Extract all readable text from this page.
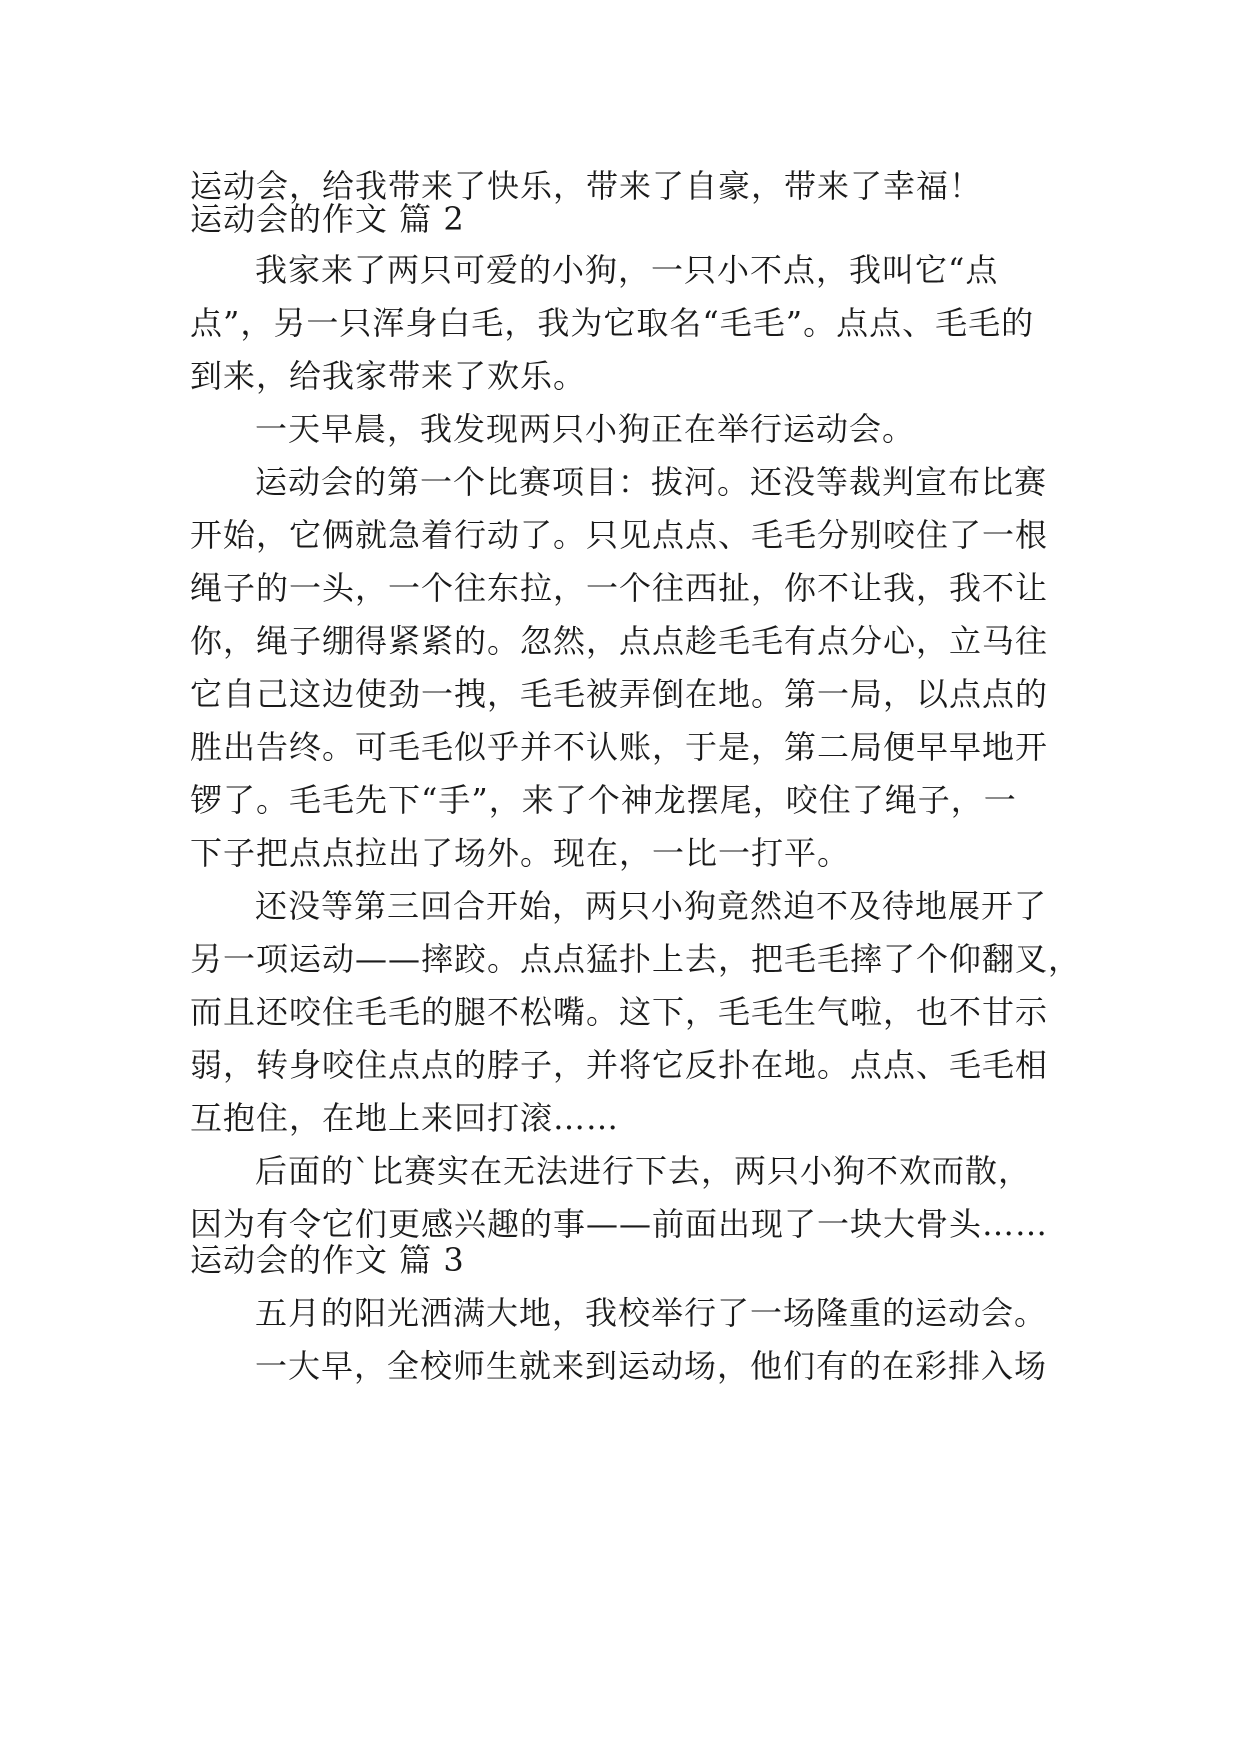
运动会，给我带来了快乐，带来了自豪，带来了幸福！
运动会的作文 篇 2
我家来了两只可爱的小狗，一只小不点，我叫它“点
点”，另一只浑身白毛，我为它取名“毛毛”。点点、毛毛的
到来，给我家带来了欢乐。
一天早晨，我发现两只小狗正在举行运动会。
运动会的第一个比赛项目：拔河。还没等裁判宣布比赛
开始，它俩就急着行动了。只见点点、毛毛分别咬住了一根
绳子的一头，一个往东拉，一个往西扯，你不让我，我不让
你，绳子绷得紧紧的。忽然，点点趁毛毛有点分心，立马往
它自己这边使劲一拽，毛毛被弄倒在地。第一局，以点点的
胜出告终。可毛毛似乎并不认账，于是，第二局便早早地开
锣了。毛毛先下“手”，来了个神龙摆尾，咬住了绳子，一
下子把点点拉出了场外。现在，一比一打平。
还没等第三回合开始，两只小狗竟然迫不及待地展开了
另一项运动——摔跤。点点猛扑上去，把毛毛摔了个仰翻叉，
而且还咬住毛毛的腿不松嘴。这下，毛毛生气啦，也不甘示
弱，转身咬住点点的脖子，并将它反扑在地。点点、毛毛相
互抱住，在地上来回打滚……
后面的`比赛实在无法进行下去，两只小狗不欢而散，
因为有令它们更感兴趣的事——前面出现了一块大骨头……
运动会的作文 篇 3
五月的阳光洒满大地，我校举行了一场隆重的运动会。
一大早，全校师生就来到运动场，他们有的在彩排入场
